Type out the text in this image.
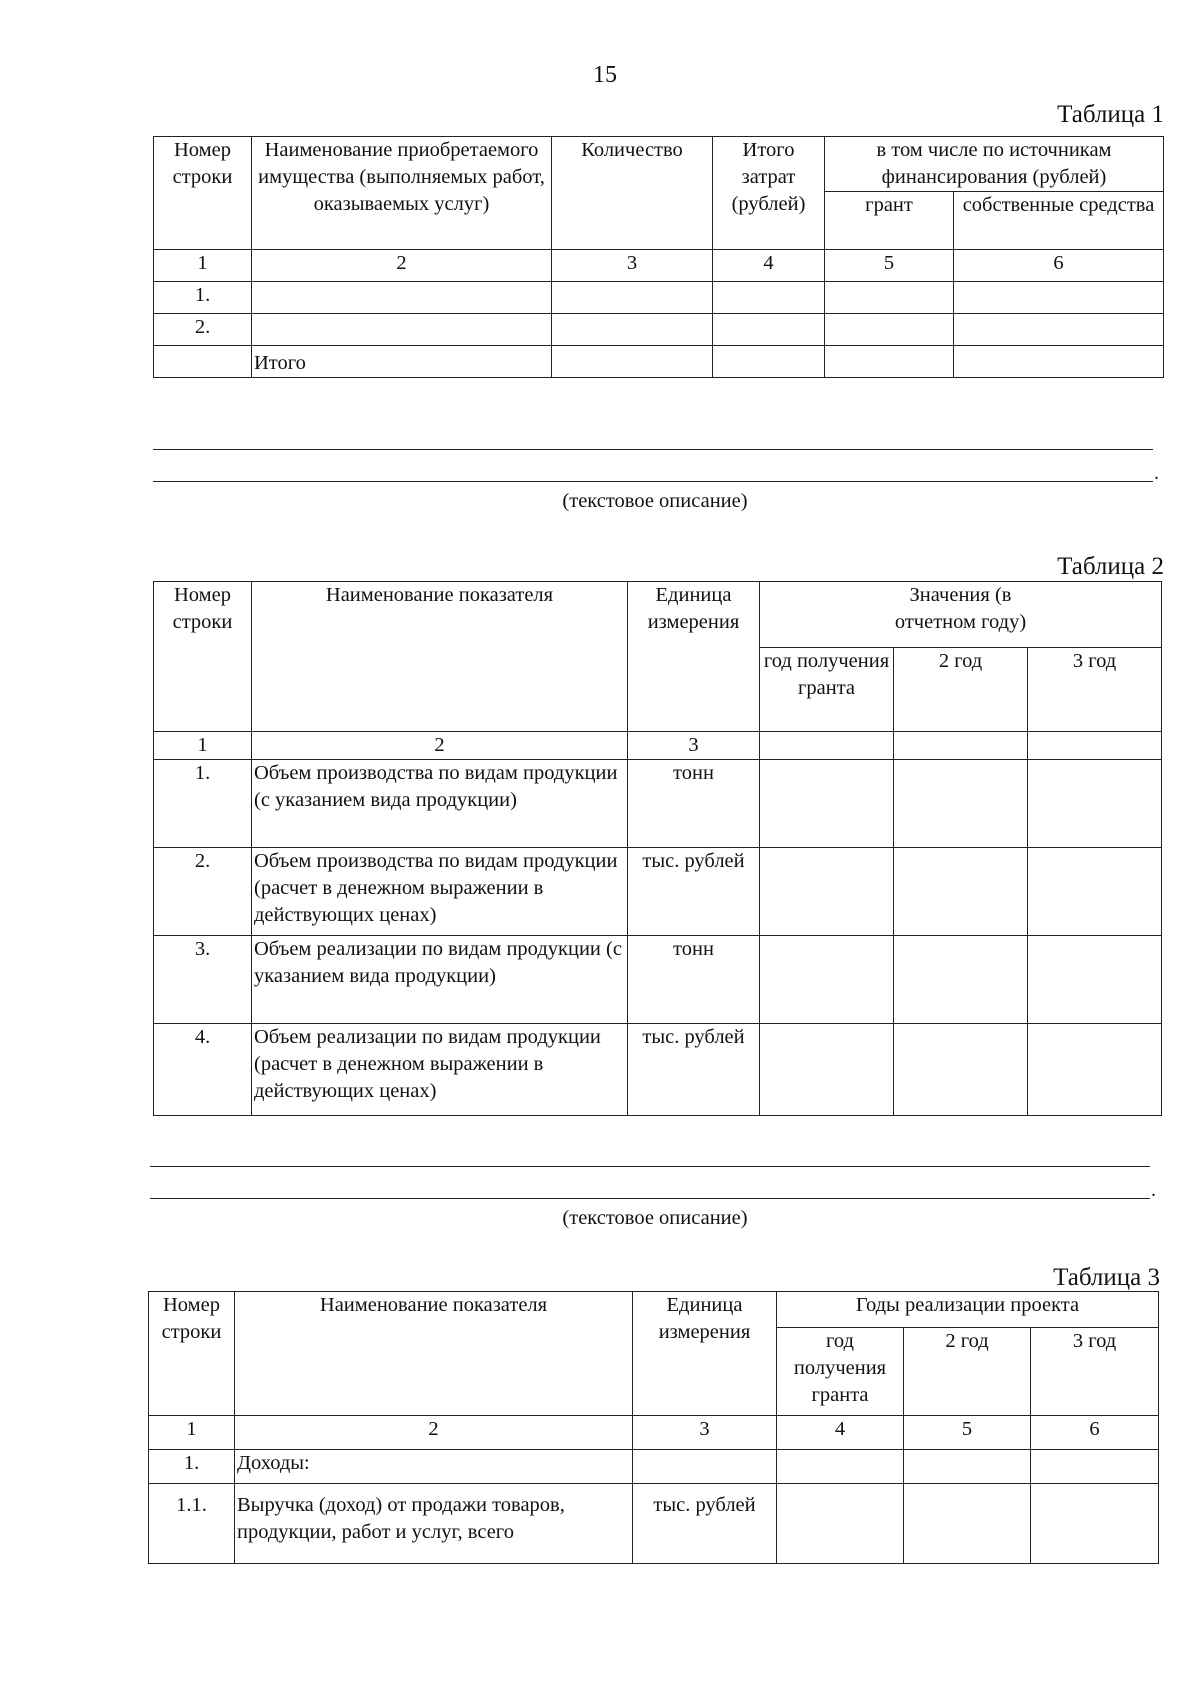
15
Таблица 1
Номер строки	Наименование приобретаемого имущества (выполняемых работ, оказываемых услуг)	Количество	Итого затрат (рублей)	в том числе по источникам финансирования (рублей)	
				грант	собственные средства
1	2	3	4	5	6
1.					
2.					
	Итого				
.
(текстовое описание)
Таблица 2
Номер строки	Наименование показателя	Единица измерения	Значения (в отчетном году)		
			год получения гранта	2 год	3 год
1	2	3			
1.	Объем производства по видам продукции (с указанием вида продукции)	тонн			
2.	Объем производства по видам продукции (расчет в денежном выражении в действующих ценах)	тыс. рублей			
3.	Объем реализации по видам продукции (с указанием вида продукции)	тонн			
4.	Объем реализации по видам продукции (расчет в денежном выражении в действующих ценах)	тыс. рублей			
.
(текстовое описание)
Таблица 3
Номер строки	Наименование показателя	Единица измерения	Годы реализации проекта		
			год получения гранта	2 год	3 год
1	2	3	4	5	6
1.	Доходы:				
1.1.	Выручка (доход) от продажи товаров, продукции, работ и услуг, всего	тыс. рублей			
